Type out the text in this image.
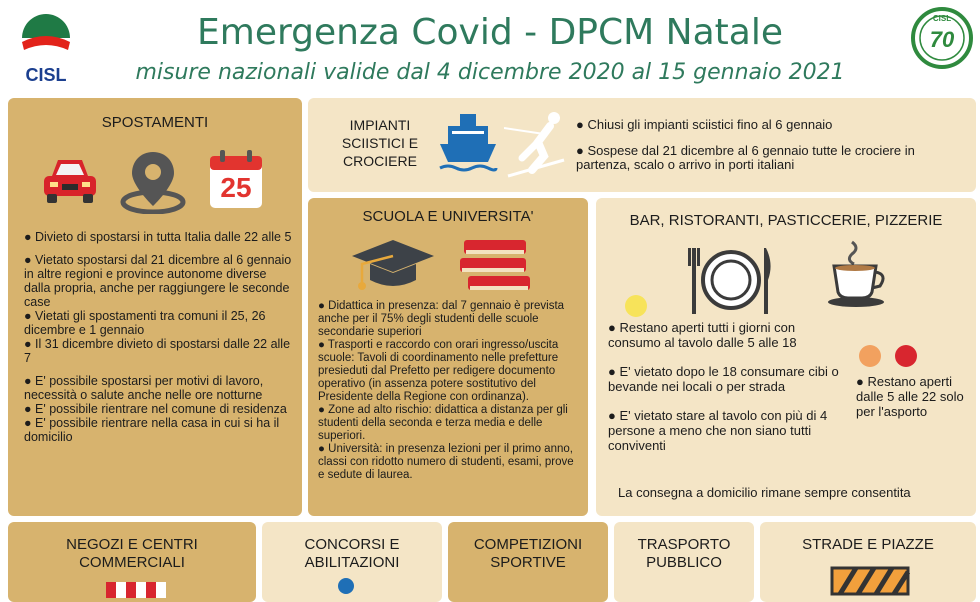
CISL
Emergenza Covid - DPCM Natale
misure nazionali valide dal 4 dicembre 2020 al 15 gennaio 2021
CISL
70
SPOSTAMENTI
25

● Divieto di spostarsi in tutta Italia dalle 22 alle 5

● Vietato spostarsi dal 21 dicembre al 6 gennaio in altre regioni e province autonome diverse dalla propria, anche per raggiungere le seconde case

● Vietati gli spostamenti tra comuni il 25, 26 dicembre e 1 gennaio

● Il 31 dicembre divieto di spostarsi dalle 22 alle 7

● E' possibile spostarsi per motivi di lavoro, necessità o salute anche nelle ore notturne

● E' possibile rientrare nel comune di residenza

● E' possibile rientrare nella casa in cui si ha il domicilio

IMPIANTI SCIISTICI E CROCIERE

● Chiusi gli impianti sciistici fino al 6 gennaio

● Sospese dal 21 dicembre al 6 gennaio tutte le crociere in partenza, scalo o arrivo in porti italiani

SCUOLA E UNIVERSITA'

● Didattica in presenza: dal 7 gennaio è prevista anche per il 75% degli studenti delle scuole secondarie superiori

● Trasporti e raccordo con orari ingresso/uscita scuole: Tavoli di coordinamento nelle prefetture presieduti dal Prefetto per redigere documento operativo (in assenza potere sostitutivo del Presidente della Regione con ordinanza).

● Zone ad alto rischio: didattica a distanza per gli studenti della seconda e terza media e delle superiori.

● Università: in presenza lezioni per il primo anno, classi con ridotto numero di studenti, esami, prove e sedute di laurea.

BAR, RISTORANTI, PASTICCERIE, PIZZERIE

● Restano aperti tutti i giorni con consumo al tavolo dalle 5 alle 18

● E' vietato dopo le 18 consumare cibi o bevande nei locali o per strada

● E' vietato stare al tavolo con più di 4 persone a meno che non siano tutti conviventi

● Restano aperti dalle 5 alle 22 solo per l'asporto
La consegna a domicilio rimane sempre consentita
NEGOZI E CENTRI COMMERCIALI
CONCORSI E ABILITAZIONI
COMPETIZIONI SPORTIVE
TRASPORTO PUBBLICO
STRADE E PIAZZE
